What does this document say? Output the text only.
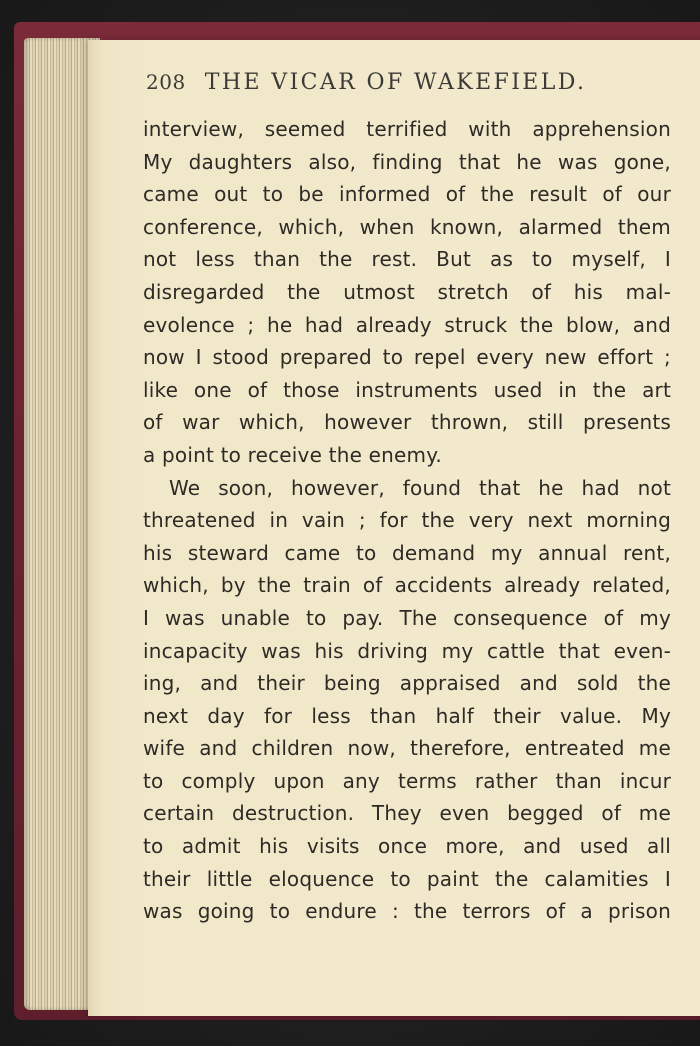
208 THE VICAR OF WAKEFIELD.
interview, seemed terrified with apprehension
My daughters also, finding that he was gone,
came out to be informed of the result of our
conference, which, when known, alarmed them
not less than the rest. But as to myself, I
disregarded the utmost stretch of his mal-
evolence ; he had already struck the blow, and
now I stood prepared to repel every new effort ;
like one of those instruments used in the art
of war which, however thrown, still presents
a point to receive the enemy.
We soon, however, found that he had not
threatened in vain ; for the very next morning
his steward came to demand my annual rent,
which, by the train of accidents already related,
I was unable to pay. The consequence of my
incapacity was his driving my cattle that even-
ing, and their being appraised and sold the
next day for less than half their value. My
wife and children now, therefore, entreated me
to comply upon any terms rather than incur
certain destruction. They even begged of me
to admit his visits once more, and used all
their little eloquence to paint the calamities I
was going to endure : the terrors of a prison
